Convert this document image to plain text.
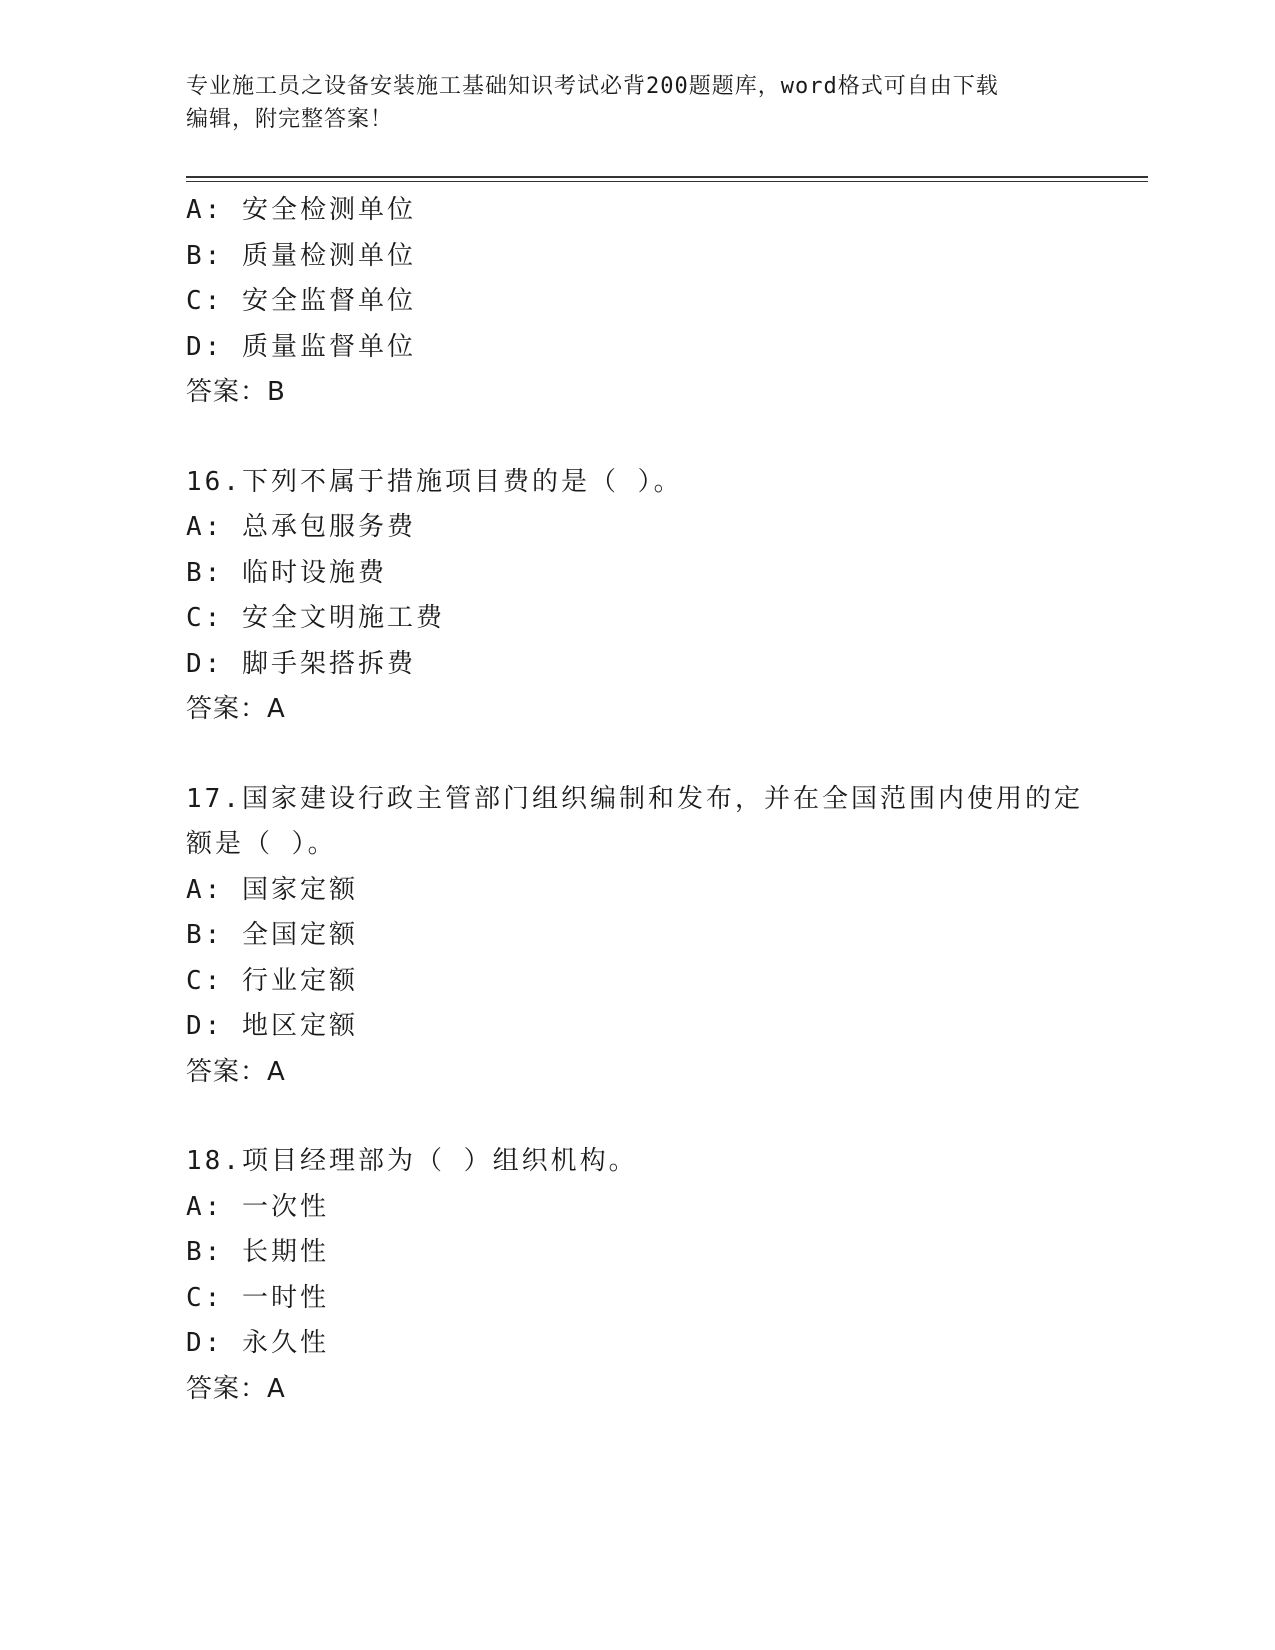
专业施工员之设备安装施工基础知识考试必背200题题库，word格式可自由下载
编辑，附完整答案！
A: 安全检测单位
B: 质量检测单位
C: 安全监督单位
D: 质量监督单位
答案：B
16.下列不属于措施项目费的是（ ）。
A: 总承包服务费
B: 临时设施费
C: 安全文明施工费
D: 脚手架搭拆费
答案：A
17.国家建设行政主管部门组织编制和发布，并在全国范围内使用的定
额是（ ）。
A: 国家定额
B: 全国定额
C: 行业定额
D: 地区定额
答案：A
18.项目经理部为（ ）组织机构。
A: 一次性
B: 长期性
C: 一时性
D: 永久性
答案：A
